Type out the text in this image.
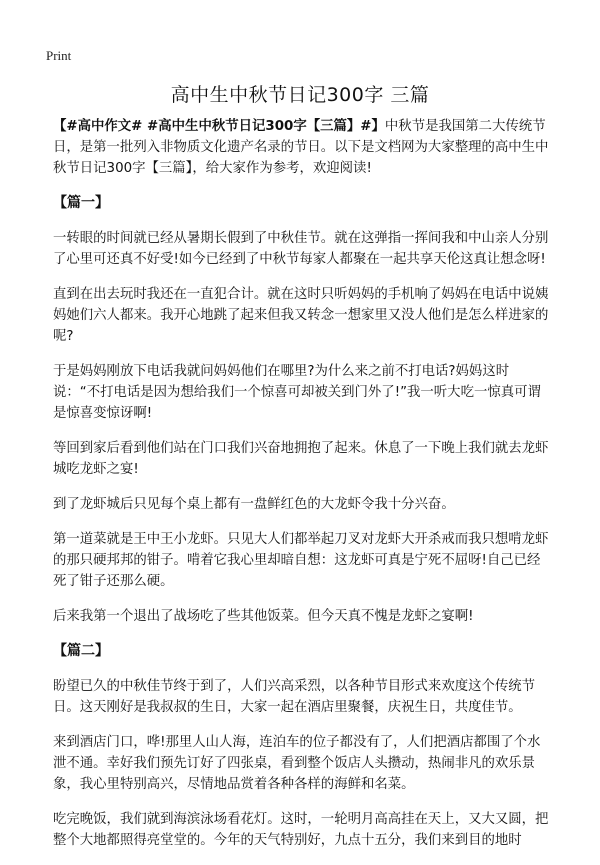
Print
高中生中秋节日记300字 三篇

【#高中作文# #高中生中秋节日记300字【三篇】#】中秋节是我国第二大传统节日，是第一批列入非物质文化遗产名录的节日。以下是文档网为大家整理的高中生中秋节日记300字【三篇】，给大家作为参考，欢迎阅读!

【篇一】

一转眼的时间就已经从暑期长假到了中秋佳节。就在这弹指一挥间我和中山亲人分别了心里可还真不好受!如今已经到了中秋节每家人都聚在一起共享天伦这真让想念呀!

直到在出去玩时我还在一直犯合计。就在这时只听妈妈的手机响了妈妈在电话中说姨妈她们六人都来。我开心地跳了起来但我又转念一想家里又没人他们是怎么样进家的呢?

于是妈妈刚放下电话我就问妈妈他们在哪里?为什么来之前不打电话?妈妈这时说：“不打电话是因为想给我们一个惊喜可却被关到门外了!”我一听大吃一惊真可谓是惊喜变惊讶啊!

等回到家后看到他们站在门口我们兴奋地拥抱了起来。休息了一下晚上我们就去龙虾城吃龙虾之宴!

到了龙虾城后只见每个桌上都有一盘鲜红色的大龙虾令我十分兴奋。

第一道菜就是王中王小龙虾。只见大人们都举起刀叉对龙虾大开杀戒而我只想啃龙虾的那只硬邦邦的钳子。啃着它我心里却暗自想：这龙虾可真是宁死不屈呀!自己已经死了钳子还那么硬。

后来我第一个退出了战场吃了些其他饭菜。但今天真不愧是龙虾之宴啊!

【篇二】

盼望已久的中秋佳节终于到了，人们兴高采烈，以各种节目形式来欢度这个传统节日。这天刚好是我叔叔的生日，大家一起在酒店里聚餐，庆祝生日，共度佳节。

来到酒店门口，哗!那里人山人海，连泊车的位子都没有了，人们把酒店都围了个水泄不通。幸好我们预先订好了四张桌，看到整个饭店人头攒动，热闹非凡的欢乐景象，我心里特别高兴，尽情地品赏着各种各样的海鲜和名菜。

吃完晚饭，我们就到海滨泳场看花灯。这时，一轮明月高高挂在天上，又大又圆，把整个大地都照得亮堂堂的。今年的天气特别好，九点十五分，我们来到目的地时
